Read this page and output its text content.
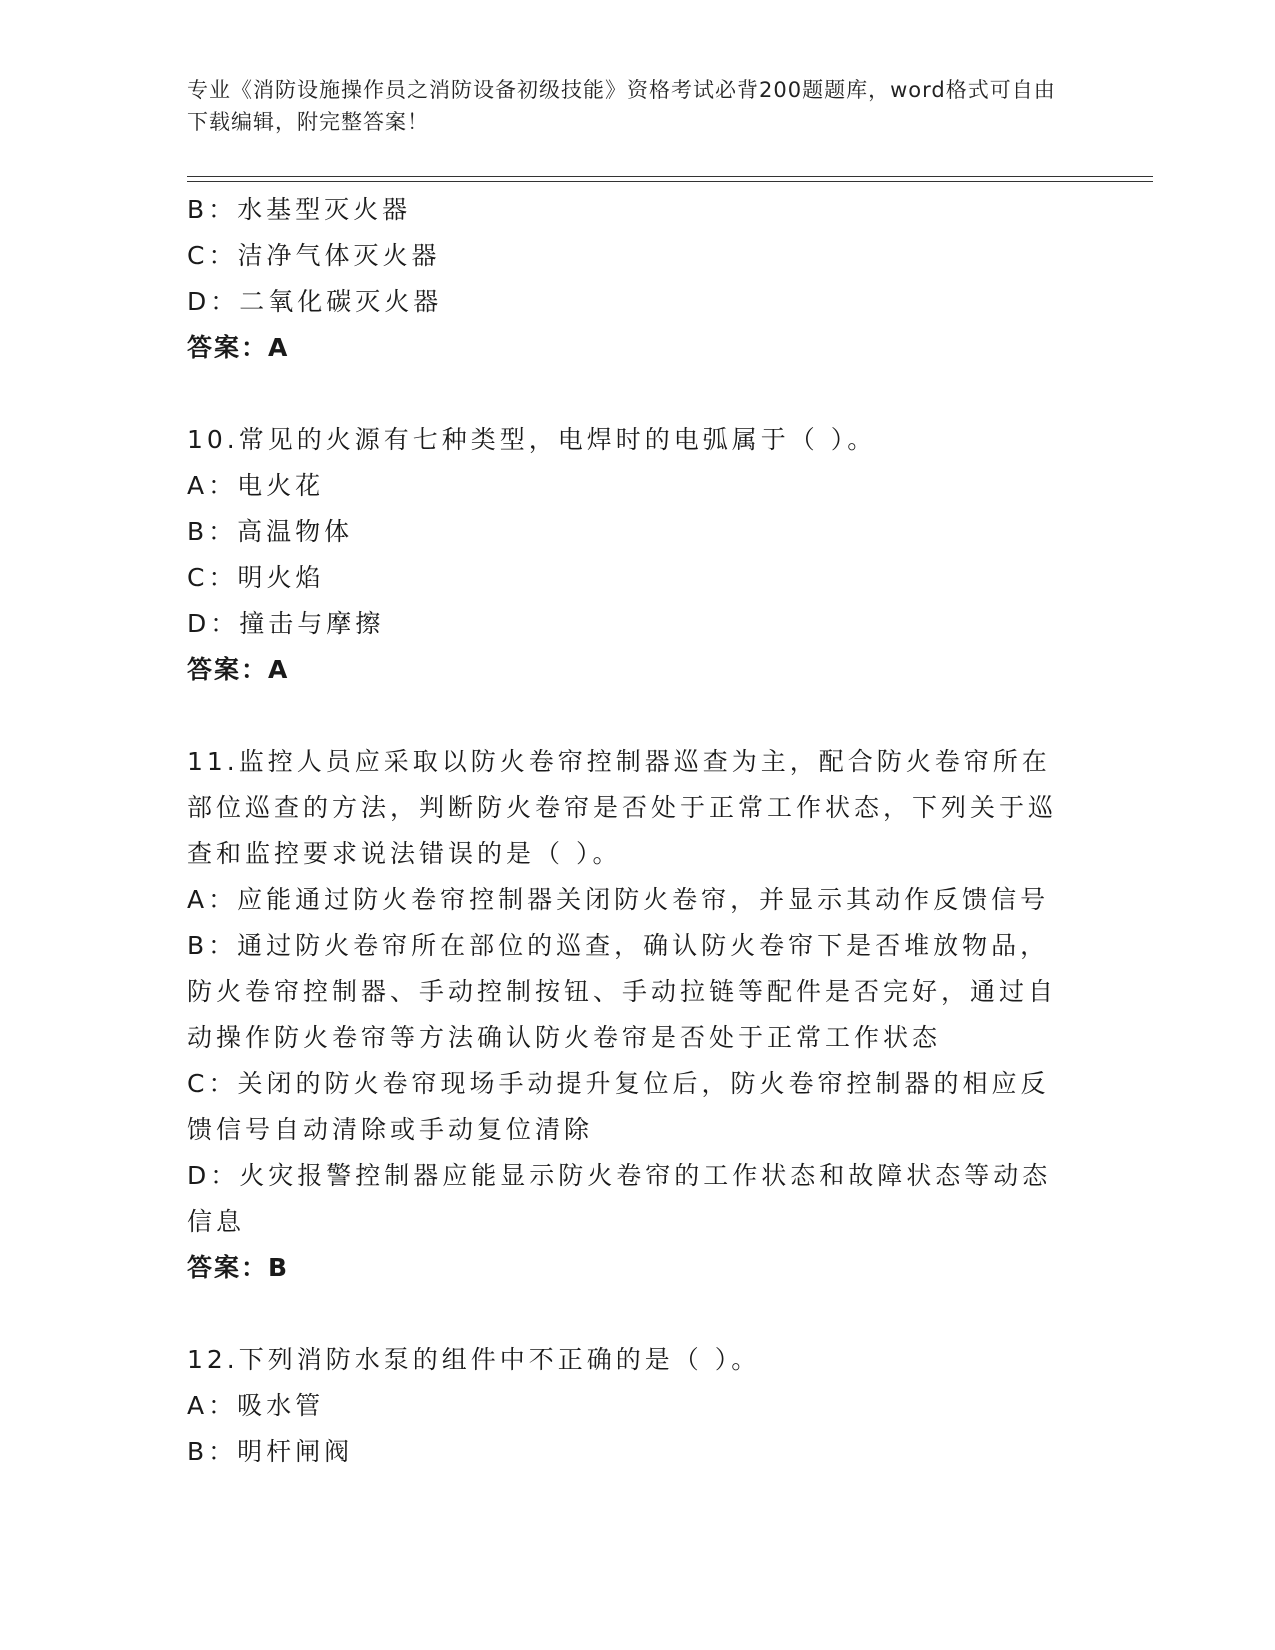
专业《消防设施操作员之消防设备初级技能》资格考试必背200题题库，word格式可自由下载编辑，附完整答案！
B：水基型灭火器
C：洁净气体灭火器
D：二氧化碳灭火器
答案：A
10.常见的火源有七种类型，电焊时的电弧属于（ ）。
A：电火花
B：高温物体
C：明火焰
D：撞击与摩擦
答案：A
11.监控人员应采取以防火卷帘控制器巡查为主，配合防火卷帘所在部位巡查的方法，判断防火卷帘是否处于正常工作状态，下列关于巡查和监控要求说法错误的是（ ）。
A：应能通过防火卷帘控制器关闭防火卷帘，并显示其动作反馈信号
B：通过防火卷帘所在部位的巡查，确认防火卷帘下是否堆放物品，防火卷帘控制器、手动控制按钮、手动拉链等配件是否完好，通过自动操作防火卷帘等方法确认防火卷帘是否处于正常工作状态
C：关闭的防火卷帘现场手动提升复位后，防火卷帘控制器的相应反馈信号自动清除或手动复位清除
D：火灾报警控制器应能显示防火卷帘的工作状态和故障状态等动态信息
答案：B
12.下列消防水泵的组件中不正确的是（ ）。
A：吸水管
B：明杆闸阀
